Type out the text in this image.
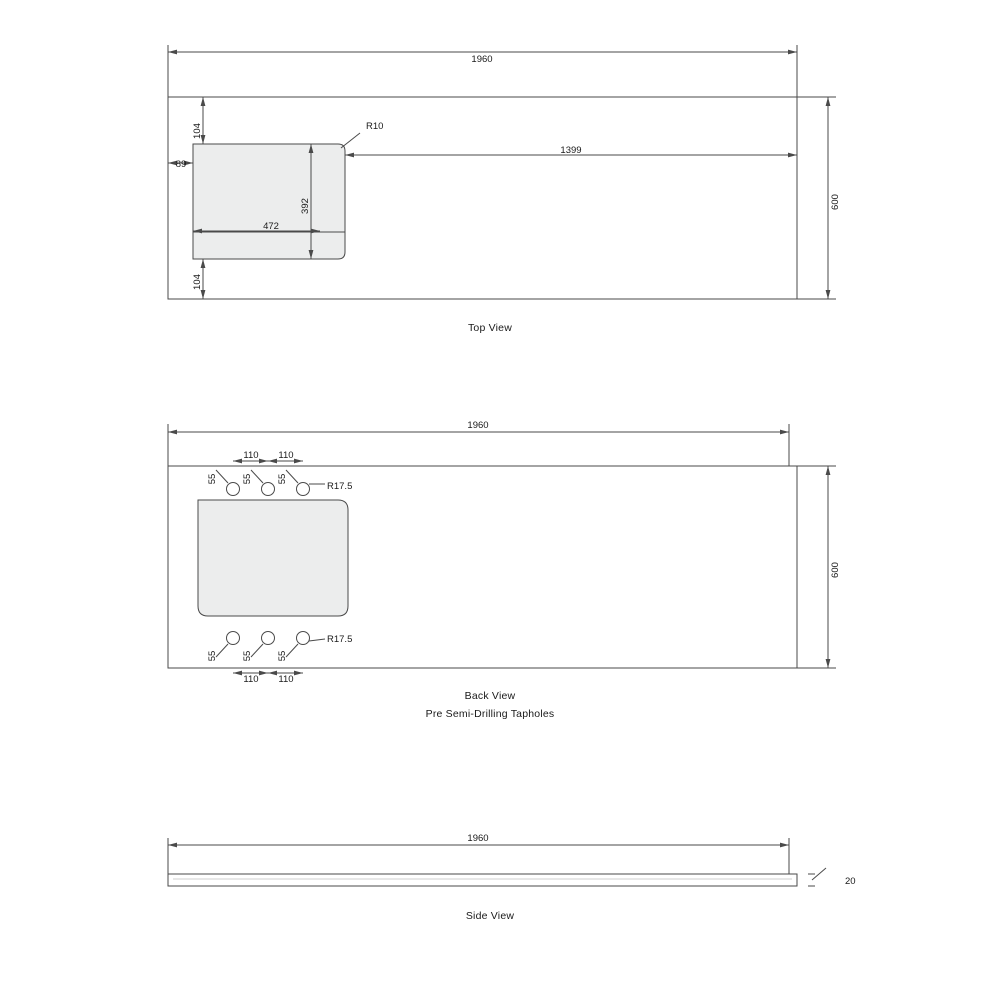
1960
600
104
89
104
392
472
1399
R10
1960
600
110 110
110 110
55	55	55
55	55	55
R17.5
R17.5
1960
20
Top View
Back View
Pre Semi-Drilling Tapholes
Side View
